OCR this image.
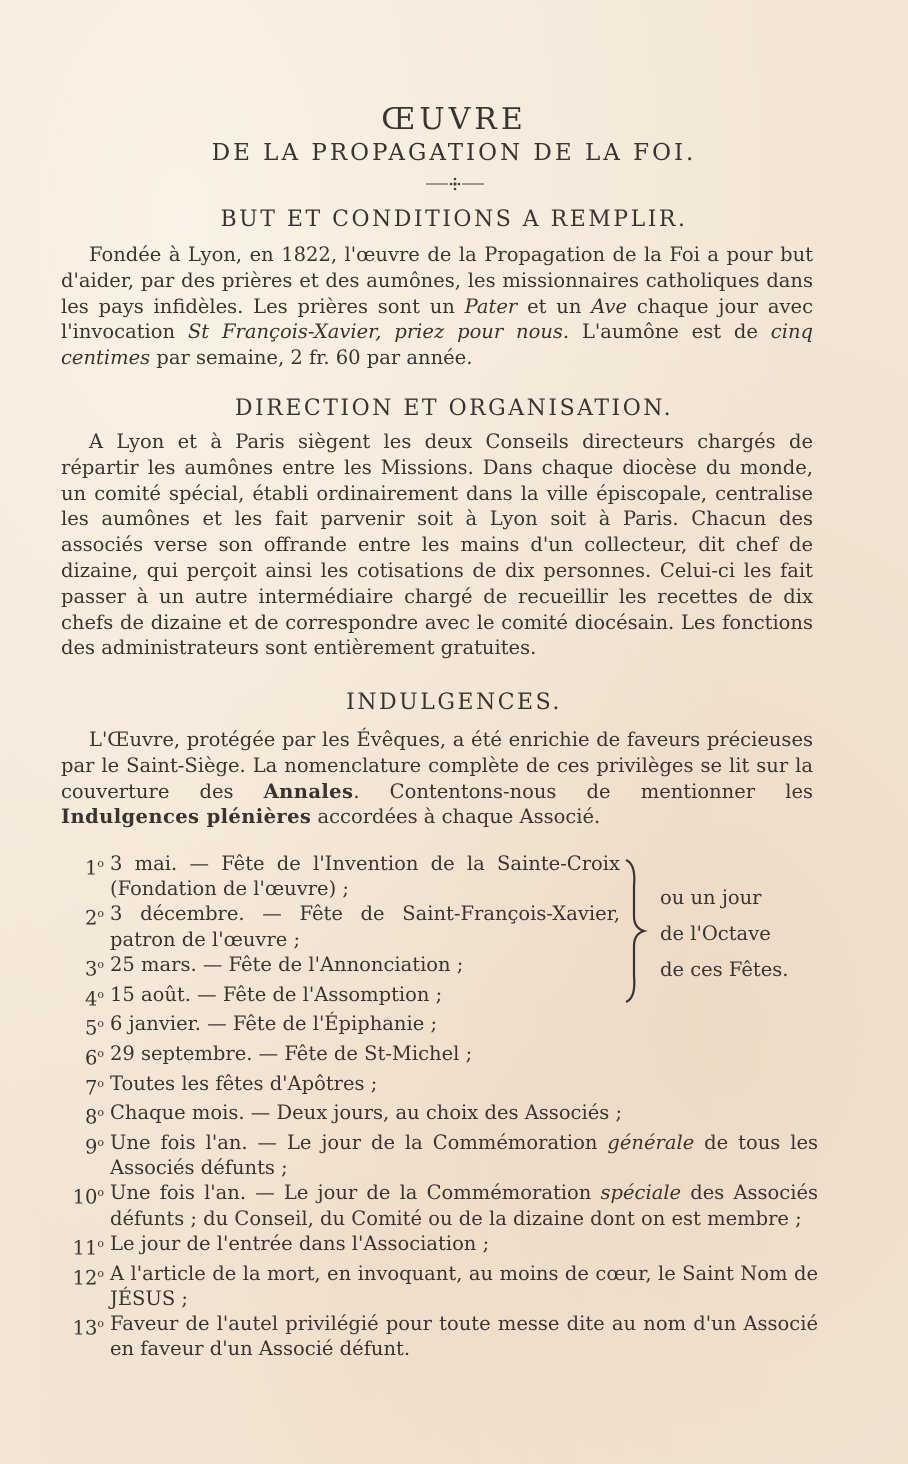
ŒUVRE
DE LA PROPAGATION DE LA FOI.
BUT ET CONDITIONS A REMPLIR.

Fondée à Lyon, en 1822, l'œuvre de la Propagation de la Foi a pour but d'aider, par des prières et des aumônes, les missionnaires catholiques dans les pays infidèles. Les prières sont un Pater et un Ave chaque jour avec l'invocation St François-Xavier, priez pour nous. L'aumône est de cinq centimes par semaine, 2 fr. 60 par année.

DIRECTION ET ORGANISATION.

A Lyon et à Paris siègent les deux Conseils directeurs chargés de répartir les aumônes entre les Missions. Dans chaque diocèse du monde, un comité spécial, établi ordinairement dans la ville épiscopale, centralise les aumônes et les fait parvenir soit à Lyon soit à Paris. Chacun des associés verse son offrande entre les mains d'un collecteur, dit chef de dizaine, qui perçoit ainsi les cotisations de dix personnes. Celui-ci les fait passer à un autre intermédiaire chargé de recueillir les recettes de dix chefs de dizaine et de correspondre avec le comité diocésain. Les fonctions des administrateurs sont entièrement gratuites.

INDULGENCES.

L'Œuvre, protégée par les Évêques, a été enrichie de faveurs précieuses par le Saint-Siège. La nomenclature complète de ces privilèges se lit sur la couverture des Annales. Contentons-nous de mentionner les Indulgences plénières accordées à chaque Associé.

1$^o$ 3 mai. — Fête de l'Invention de la Sainte-Croix (Fondation de l'œuvre) ;
2$^o$ 3 décembre. — Fête de Saint-François-Xavier, patron de l'œuvre ;
3$^o$ 25 mars. — Fête de l'Annonciation ;
4$^o$ 15 août. — Fête de l'Assomption ;
5$^o$ 6 janvier. — Fête de l'Épiphanie ;
6$^o$ 29 septembre. — Fête de St-Michel ;
7$^o$ Toutes les fêtes d'Apôtres ;
8$^o$ Chaque mois. — Deux jours, au choix des Associés ;
9$^o$ Une fois l'an. — Le jour de la Commémoration générale de tous les Associés défunts ;
10$^o$ Une fois l'an. — Le jour de la Commémoration spéciale des Associés défunts ; du Conseil, du Comité ou de la dizaine dont on est membre ;
11$^o$ Le jour de l'entrée dans l'Association ;
12$^o$ A l'article de la mort, en invoquant, au moins de cœur, le Saint Nom de JÉSUS ;
13$^o$ Faveur de l'autel privilégié pour toute messe dite au nom d'un Associé en faveur d'un Associé défunt.
ou un jour
de l'Octave
de ces Fêtes.
